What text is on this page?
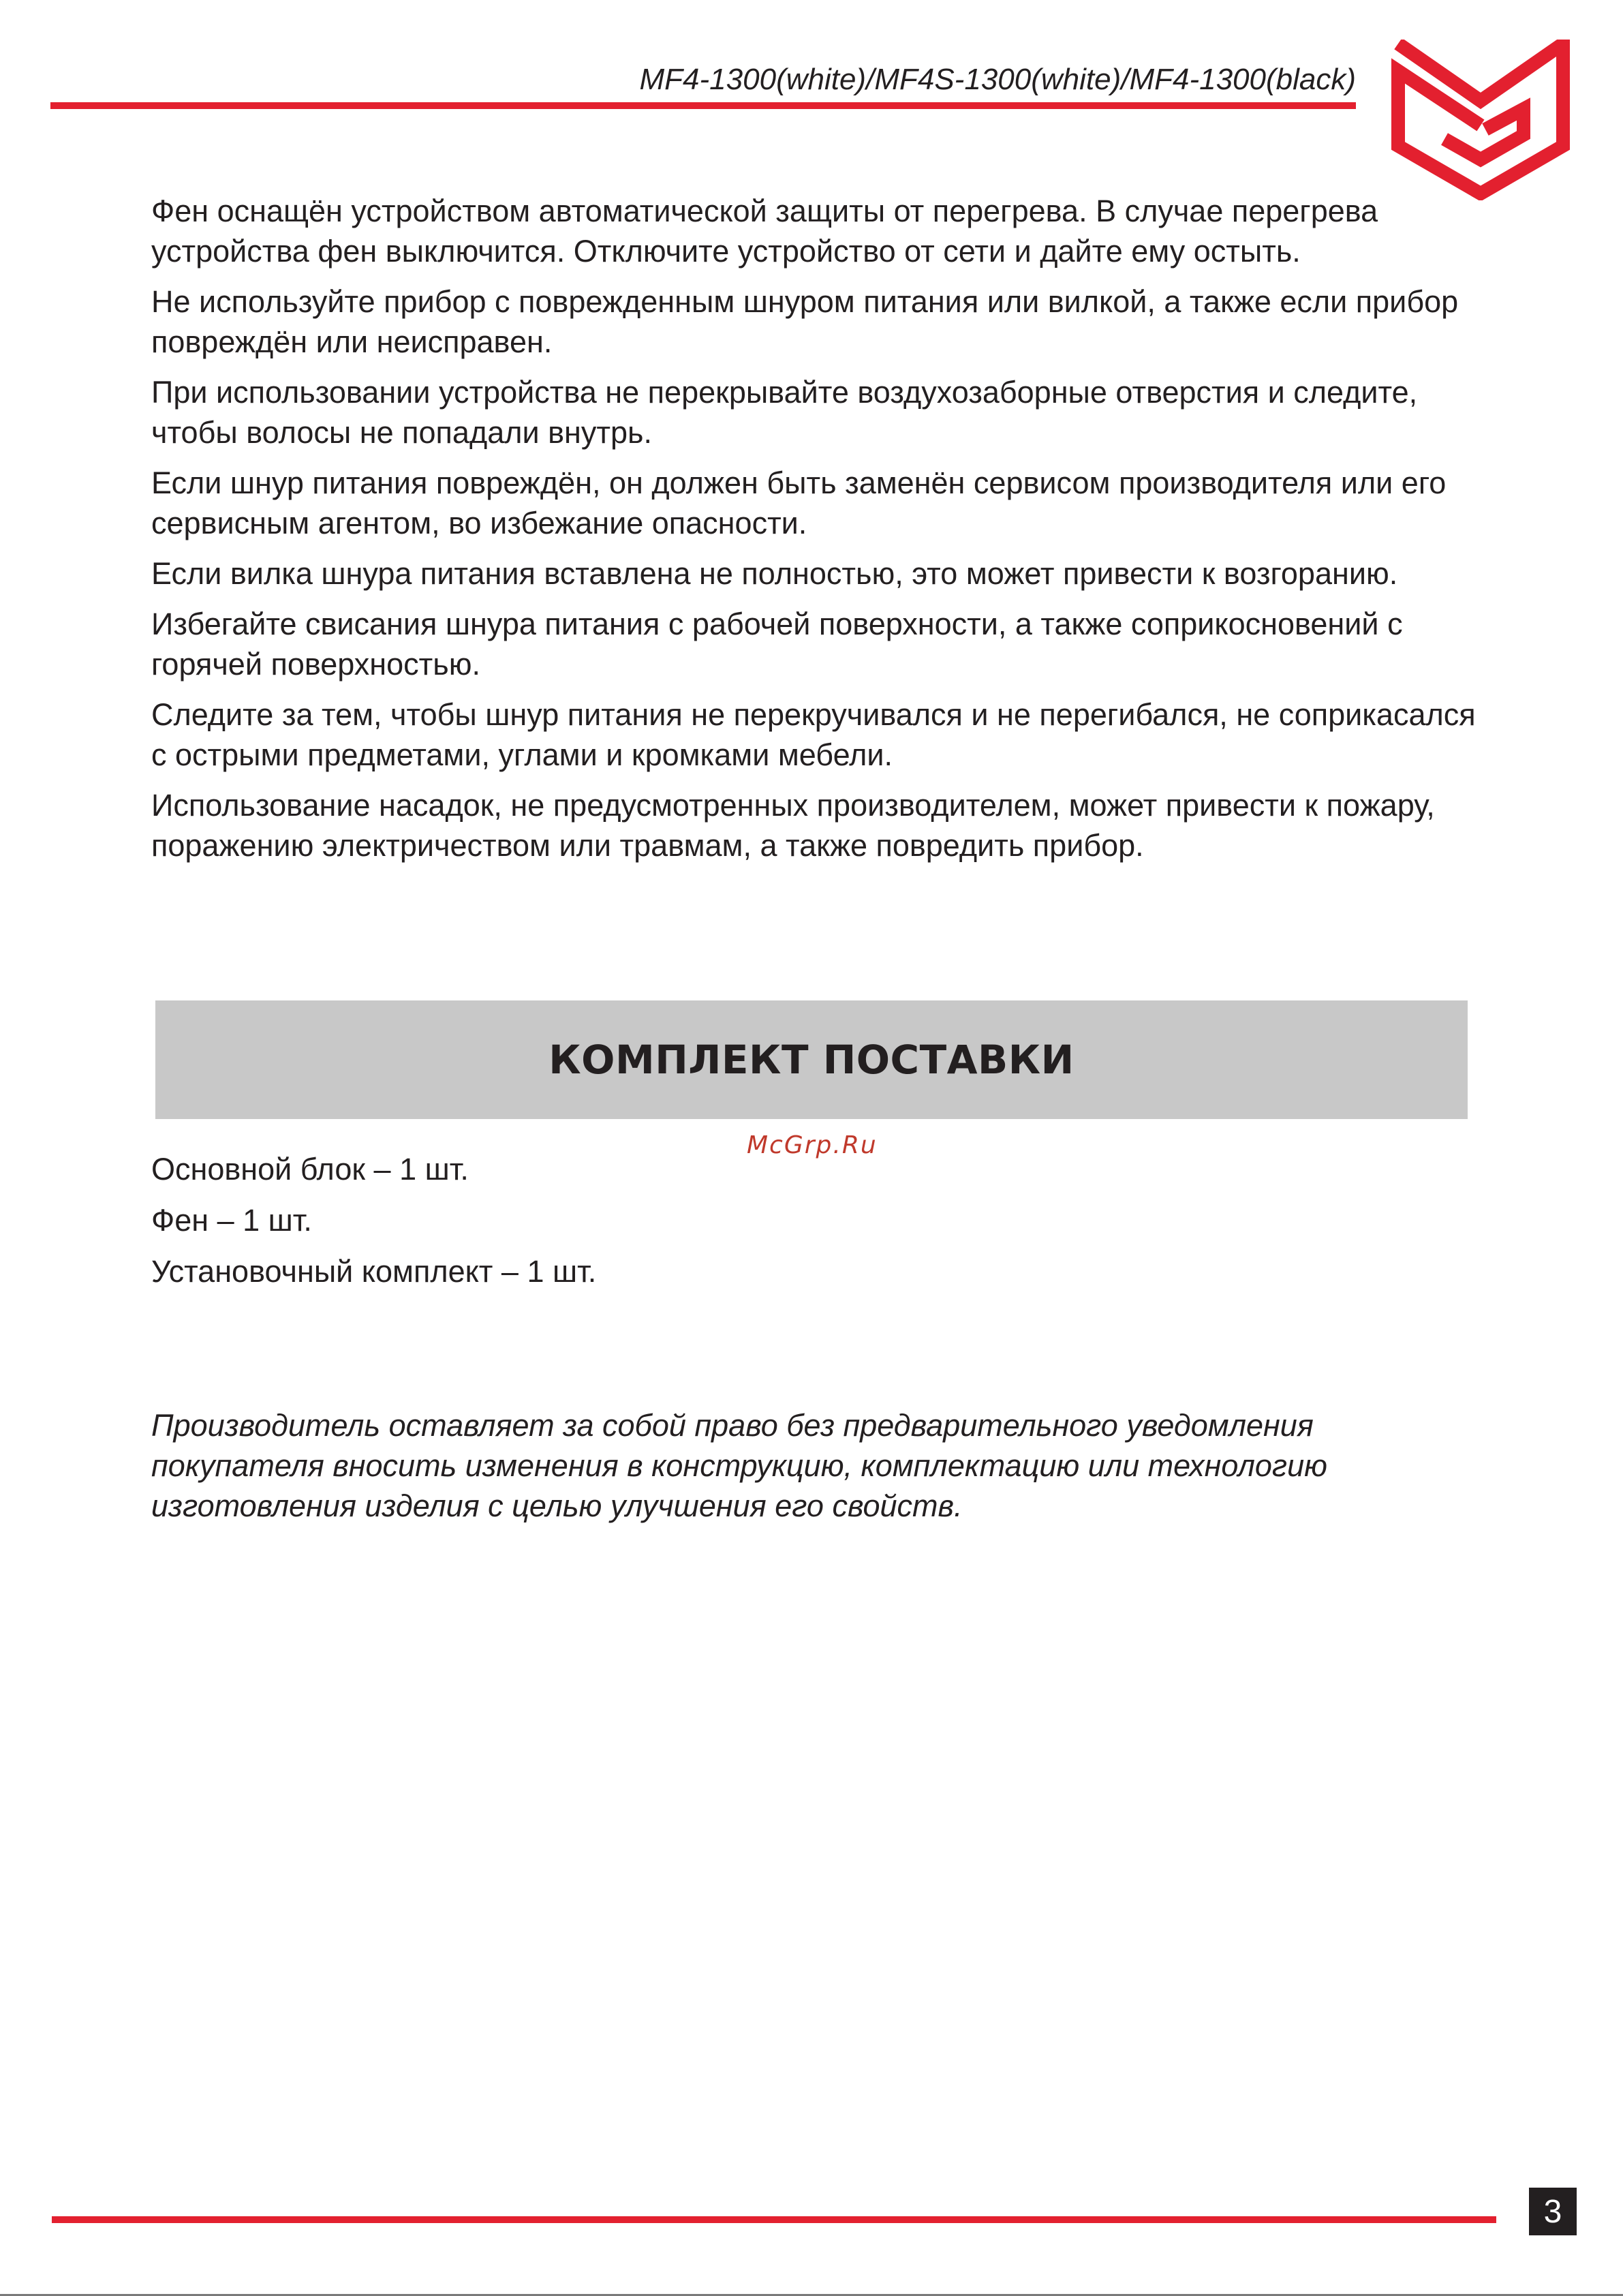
MF4-1300(white)/MF4S-1300(white)/MF4-1300(black)

Фен оснащён устройством автоматической защиты от перегрева. В случае перегрева устройства фен выключится. Отключите устройство от сети и дайте ему остыть.

Не используйте прибор с поврежденным шнуром питания или вилкой, а также если прибор повреждён или неисправен.

При использовании устройства не перекрывайте воздухозаборные отверстия и следите, чтобы волосы не попадали внутрь.

Если шнур питания повреждён, он должен быть заменён сервисом производителя или его сервисным агентом, во избежание опасности.

Если вилка шнура питания вставлена не полностью, это может привести к возгоранию.

Избегайте свисания шнура питания с рабочей поверхности, а также соприкосновений с горячей поверхностью.

Следите за тем, чтобы шнур питания не перекручивался и не перегибался, не соприкасался с острыми предметами, углами и кромками мебели.

Использование насадок, не предусмотренных производителем, может привести к пожару, поражению электричеством или травмам, а также повредить прибор.

КОМПЛЕКТ ПОСТАВКИ
McGrp.Ru
Основной блок – 1 шт.
Фен – 1 шт.
Установочный комплект – 1 шт.
Производитель оставляет за собой право без предварительного уведомления покупателя вносить изменения в конструкцию, комплектацию или технологию изготовления изделия с целью улучшения его свойств.
3
